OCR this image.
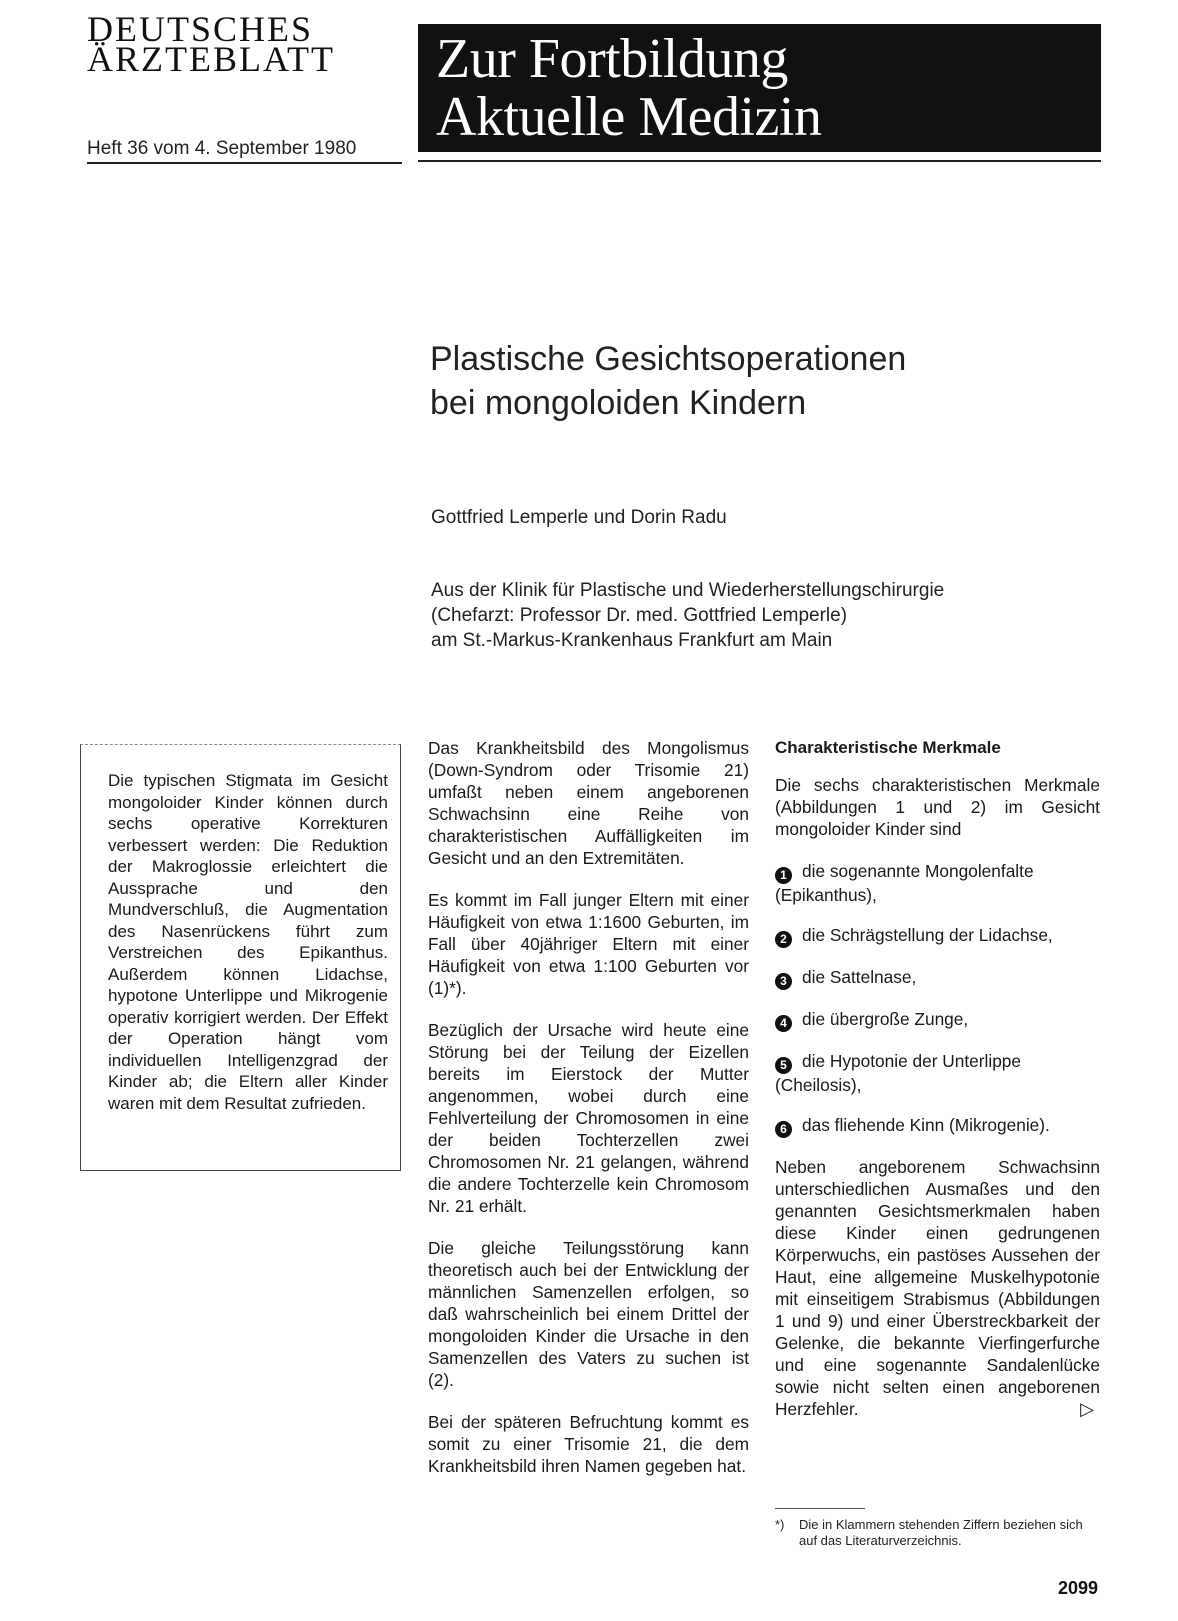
DEUTSCHES
ÄRZTEBLATT
Heft 36 vom 4. September 1980
Zur Fortbildung
Aktuelle Medizin
Plastische Gesichtsoperationen
bei mongoloiden Kindern
Gottfried Lemperle und Dorin Radu
Aus der Klinik für Plastische und Wiederherstellungschirurgie
(Chefarzt: Professor Dr. med. Gottfried Lemperle)
am St.-Markus-Krankenhaus Frankfurt am Main
Die typischen Stigmata im Gesicht mongoloider Kinder können durch sechs operative Korrekturen verbessert werden: Die Reduktion der Makroglossie erleichtert die Aussprache und den Mundverschluß, die Augmentation des Nasenrückens führt zum Verstreichen des Epikanthus. Außerdem können Lidachse, hypotone Unterlippe und Mikrogenie operativ korrigiert werden. Der Effekt der Operation hängt vom individuellen Intelligenzgrad der Kinder ab; die Eltern aller Kinder waren mit dem Resultat zufrieden.

Das Krankheitsbild des Mongolismus (Down-Syndrom oder Trisomie 21) umfaßt neben einem angeborenen Schwachsinn eine Reihe von charakteristischen Auffälligkeiten im Gesicht und an den Extremitäten.

Es kommt im Fall junger Eltern mit einer Häufigkeit von etwa 1:1600 Geburten, im Fall über 40jähriger Eltern mit einer Häufigkeit von etwa 1:100 Geburten vor (1)*).

Bezüglich der Ursache wird heute eine Störung bei der Teilung der Eizellen bereits im Eierstock der Mutter angenommen, wobei durch eine Fehlverteilung der Chromosomen in eine der beiden Tochterzellen zwei Chromosomen Nr. 21 gelangen, während die andere Tochterzelle kein Chromosom Nr. 21 erhält.

Die gleiche Teilungsstörung kann theoretisch auch bei der Entwicklung der männlichen Samenzellen erfolgen, so daß wahrscheinlich bei einem Drittel der mongoloiden Kinder die Ursache in den Samenzellen des Vaters zu suchen ist (2).

Bei der späteren Befruchtung kommt es somit zu einer Trisomie 21, die dem Krankheitsbild ihren Namen gegeben hat.

Charakteristische Merkmale

Die sechs charakteristischen Merkmale (Abbildungen 1 und 2) im Gesicht mongoloider Kinder sind

1 die sogenannte Mongolenfalte (Epikanthus),
2 die Schrägstellung der Lidachse,
3 die Sattelnase,
4 die übergroße Zunge,
5 die Hypotonie der Unterlippe (Cheilosis),
6 das fliehende Kinn (Mikrogenie).

Neben angeborenem Schwachsinn unterschiedlichen Ausmaßes und den genannten Gesichtsmerkmalen haben diese Kinder einen gedrungenen Körperwuchs, ein pastöses Aussehen der Haut, eine allgemeine Muskelhypotonie mit einseitigem Strabismus (Abbildungen 1 und 9) und einer Überstreckbarkeit der Gelenke, die bekannte Vierfingerfurche und eine sogenannte Sandalenlücke sowie nicht selten einen angeborenen Herzfehler.	▷

*) Die in Klammern stehenden Ziffern beziehen sich auf das Literaturverzeichnis.
2099
